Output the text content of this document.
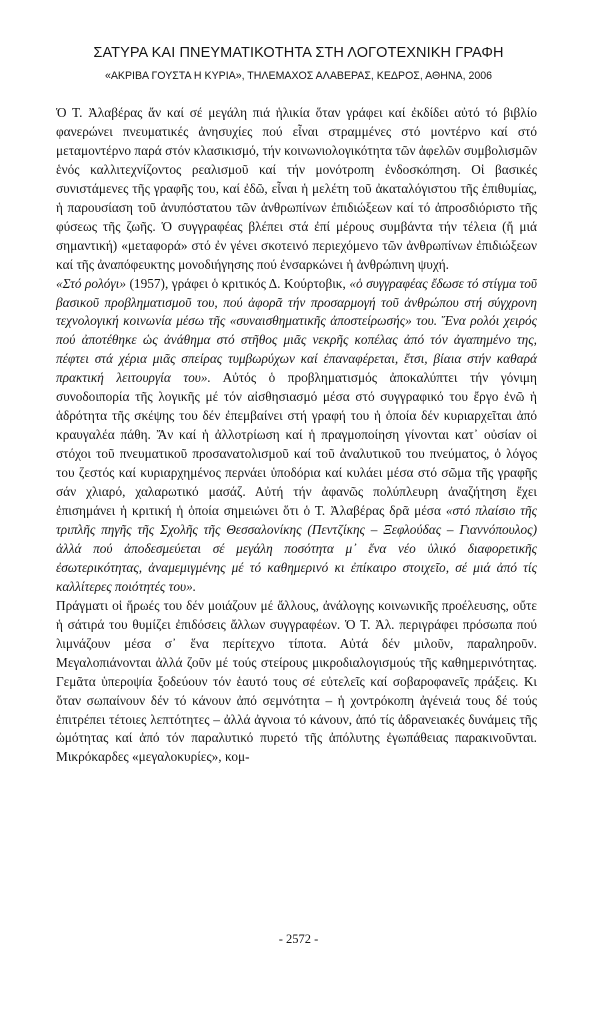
ΣΑΤΥΡΑ ΚΑΙ ΠΝΕΥΜΑΤΙΚΟΤΗΤΑ ΣΤΗ ΛΟΓΟΤΕΧΝΙΚΗ ΓΡΑΦΗ
«ΑΚΡΙΒΑ ΓΟΥΣΤΑ Η ΚΥΡΙΑ», ΤΗΛΕΜΑΧΟΣ ΑΛΑΒΕΡΑΣ, ΚΕΔΡΟΣ, ΑΘΗΝΑ, 2006

Ὁ Τ. Ἀλαβέρας ἄν καί σέ μεγάλη πιά ἡλικία ὅταν γράφει καί ἐκδίδει αὐτό τό βιβλίο φανερώνει πνευματικές ἀνησυχίες πού εἶναι στραμμένες στό μοντέρνο καί στό μεταμοντέρνο παρά στόν κλασικισμό, τήν κοινωνιολογικότητα τῶν ἀφελῶν συμβολισμῶν ἑνός καλλιτεχνίζοντος ρεαλισμοῦ καί τήν μονότροπη ἐνδοσκόπηση. Οἱ βασικές συνιστάμενες τῆς γραφῆς του, καί ἐδῶ, εἶναι ἡ μελέτη τοῦ ἀκαταλόγιστου τῆς ἐπιθυμίας, ἡ παρουσίαση τοῦ ἀνυπόστατου τῶν ἀνθρωπίνων ἐπιδιώξεων καί τό ἀπροσδιόριστο τῆς φύσεως τῆς ζωῆς. Ὁ συγγραφέας βλέπει στά ἐπί μέρους συμβάντα τήν τέλεια (ἤ μιά σημαντική) «μεταφορά» στό ἐν γένει σκοτεινό περιεχόμενο τῶν ἀνθρωπίνων ἐπιδιώξεων καί τῆς ἀναπόφευκτης μονοδιήγησης πού ἐνσαρκώνει ἡ ἀνθρώπινη ψυχή.

«Στό ρολόγι» (1957), γράφει ὁ κριτικός Δ. Κούρτοβικ, «ὁ συγγραφέας ἔδωσε τό στίγμα τοῦ βασικοῦ προβληματισμοῦ του, πού ἀφορᾶ τήν προσαρμογή τοῦ ἀνθρώπου στή σύγχρονη τεχνολογική κοινωνία μέσω τῆς «συναισθηματικῆς ἀποστείρωσής» του. Ἕνα ρολόι χειρός πού ἀποτέθηκε ὡς ἀνάθημα στό στῆθος μιᾶς νεκρῆς κοπέλας ἀπό τόν ἀγαπημένο της, πέφτει στά χέρια μιᾶς σπείρας τυμβωρύχων καί ἐπαναφέρεται, ἔτσι, βίαια στήν καθαρά πρακτική λειτουργία του». Αὐτός ὁ προβληματισμός ἀποκαλύπτει τήν γόνιμη συνοδοιπορία τῆς λογικῆς μέ τόν αἰσθησιασμό μέσα στό συγγραφικό του ἔργο ἐνῶ ἡ ἁδρότητα τῆς σκέψης του δέν ἐπεμβαίνει στή γραφή του ἡ ὁποία δέν κυριαρχεῖται ἀπό κραυγαλέα πάθη. Ἄν καί ἡ ἀλλοτρίωση καί ἡ πραγμοποίηση γίνονται κατ᾽ οὐσίαν οἱ στόχοι τοῦ πνευματικοῦ προσανατολισμοῦ καί τοῦ ἀναλυτικοῦ του πνεύματος, ὁ λόγος του ζεστός καί κυριαρχημένος περνάει ὑποδόρια καί κυλάει μέσα στό σῶμα τῆς γραφῆς σάν χλιαρό, χαλαρωτικό μασάζ. Αὐτή τήν ἀφανῶς πολύπλευρη ἀναζήτηση ἔχει ἐπισημάνει ἡ κριτική ἡ ὁποία σημειώνει ὅτι ὁ Τ. Ἀλαβέρας δρᾶ μέσα «στό πλαίσιο τῆς τριπλῆς πηγῆς τῆς Σχολῆς τῆς Θεσσαλονίκης (Πεντζίκης – Ξεφλούδας – Γιαννόπουλος) ἀλλά πού ἀποδεσμεύεται σέ μεγάλη ποσότητα μ᾽ ἕνα νέο ὑλικό διαφορετικῆς ἐσωτερικότητας, ἀναμεμιγμένης μέ τό καθημερινό κι ἐπίκαιρο στοιχεῖο, σέ μιά ἀπό τίς καλλίτερες ποιότητές του».

Πράγματι οἱ ἥρωές του δέν μοιάζουν μέ ἄλλους, ἀνάλογης κοινωνικῆς προέλευσης, οὔτε ἡ σάτιρά του θυμίζει ἐπιδόσεις ἄλλων συγγραφέων. Ὁ Τ. Ἀλ. περιγράφει πρόσωπα πού λιμνάζουν μέσα σ᾽ ἕνα περίτεχνο τίποτα. Αὐτά δέν μιλοῦν, παραληροῦν. Μεγαλοπιάνονται ἀλλά ζοῦν μέ τούς στείρους μικροδιαλογισμούς τῆς καθημερινότητας. Γεμᾶτα ὑπεροψία ξοδεύουν τόν ἑαυτό τους σέ εὐτελεῖς καί σοβαροφανεῖς πράξεις. Κι ὅταν σωπαίνουν δέν τό κάνουν ἀπό σεμνότητα – ἡ χοντρόκοπη ἀγένειά τους δέ τούς ἐπιτρέπει τέτοιες λεπτότητες – ἀλλά ἀγνοια τό κάνουν, ἀπό τίς ἀδρανειακές δυνάμεις τῆς ὠμότητας καί ἀπό τόν παραλυτικό πυρετό τῆς ἀπόλυτης ἐγωπάθειας παρακινοῦνται. Μικρόκαρδες «μεγαλοκυρίες», κομ-

- 2572 -
